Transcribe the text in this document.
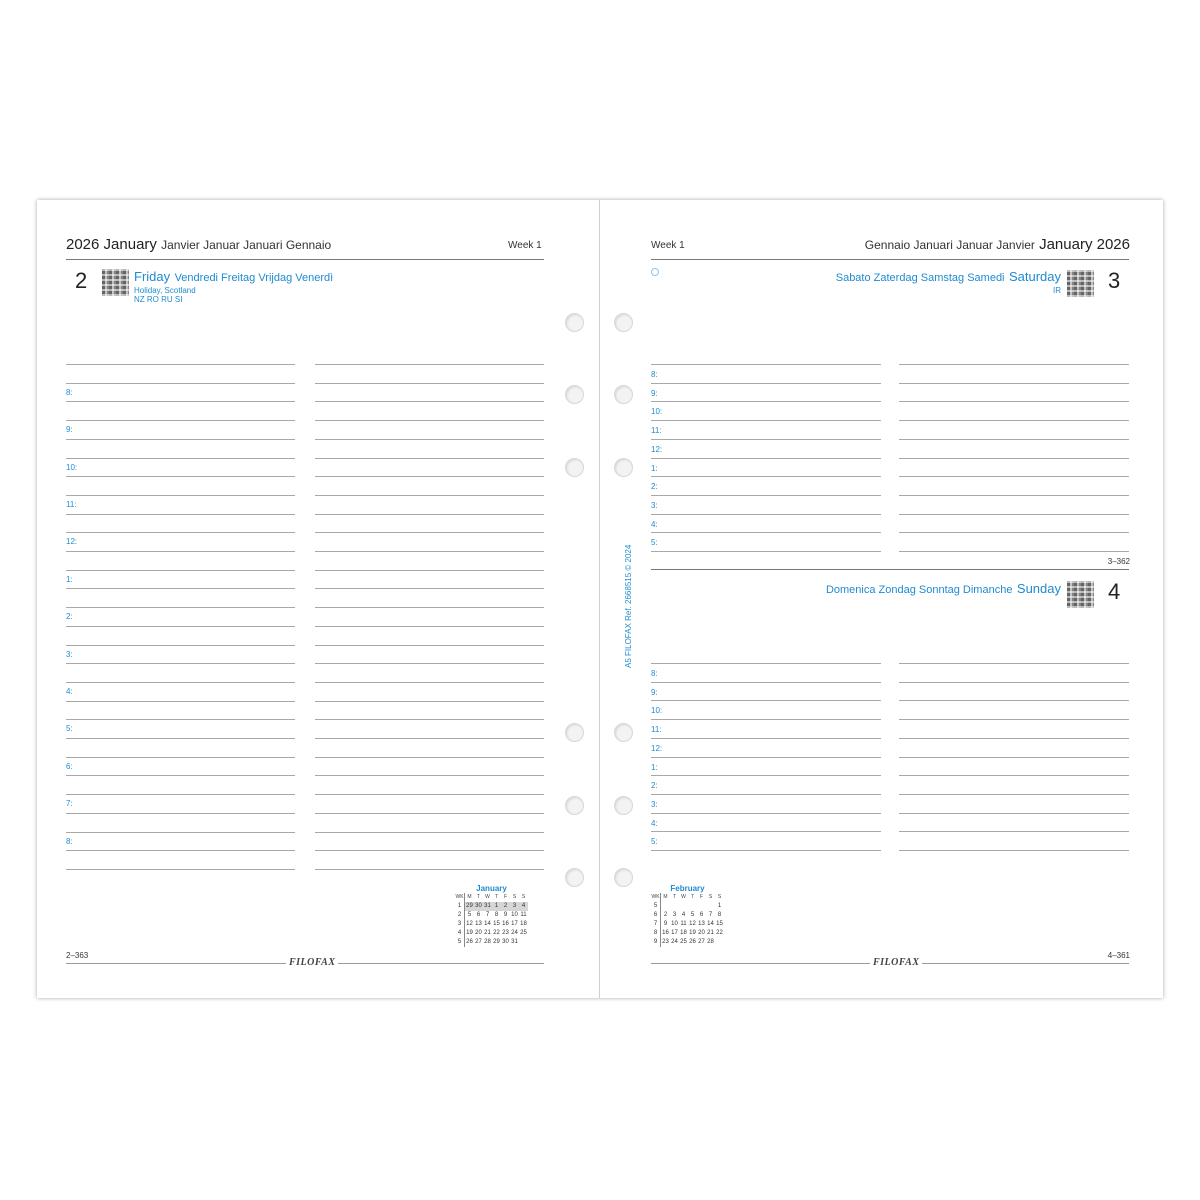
2026 January Janvier Januar Januari Gennaio	Week 1
2	Friday Vendredi Freitag Vrijdag Venerdì
Holiday, Scotland
NZ RO RU SI
8:
9:
10:
11:
12:
1:
2:
3:
4:
5:
6:
7:
8:
January
WK	M	T	W	T	F	S	S
1	29	30	31	1	2	3	4
2	5	6	7	8	9	10	11
3	12	13	14	15	16	17	18
4	19	20	21	22	23	24	25
5	26	27	28	29	30	31	
2–363
FILOFAX
A5 FILOFAX Ref. 2668515 © 2024
Week 1	Gennaio Januari Januar Janvier January 2026
Sabato Zaterdag Samstag Samedi Saturday
IR 3
3–362
Domenica Zondag Sonntag Dimanche Sunday 4
8:
9:
10:
11:
12:
1:
2:
3:
4:
5:
8:
9:
10:
11:
12:
1:
2:
3:
4:
5:
February
WK	M	T	W	T	F	S	S
5							1
6	2	3	4	5	6	7	8
7	9	10	11	12	13	14	15
8	16	17	18	19	20	21	22
9	23	24	25	26	27	28	
4–361
FILOFAX
